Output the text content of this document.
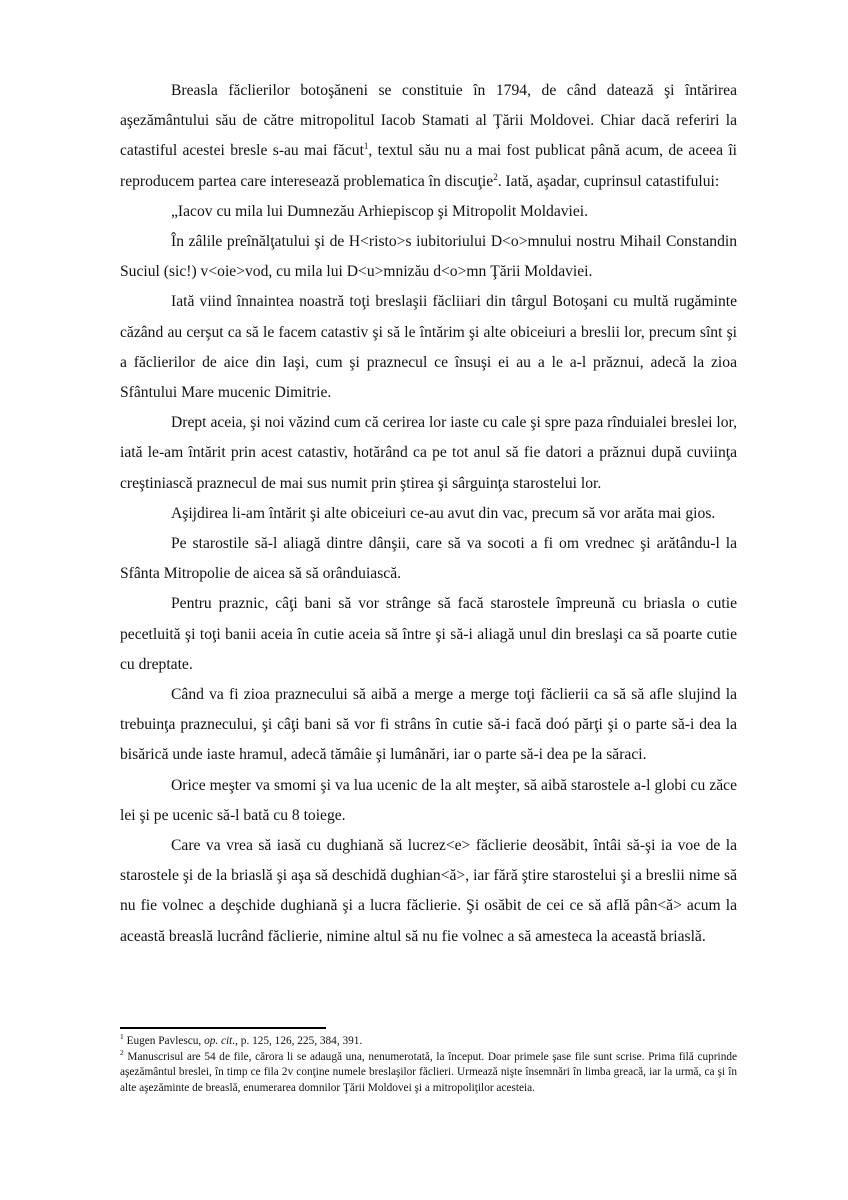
Breasla făclierilor botoşăneni se constituie în 1794, de când datează şi întărirea aşezământului său de către mitropolitul Iacob Stamati al Ţării Moldovei. Chiar dacă referiri la catastiful acestei bresle s-au mai făcut$^1$, textul său nu a mai fost publicat până acum, de aceea îi reproducem partea care interesează problematica în discuţie$^2$. Iată, aşadar, cuprinsul catastifului:

„Iacov cu mila lui Dumnezău Arhiepiscop şi Mitropolit Moldaviei.

În zâlile preînălţatului şi de H<risto>s iubitoriului D<o>mnului nostru Mihail Constandin Suciul (sic!) v<oie>vod, cu mila lui D<u>mnizău d<o>mn Ţării Moldaviei.

Iată viind înnaintea noastră toţi breslaşii făcliiari din târgul Botoşani cu multă rugăminte căzând au cerşut ca să le facem catastiv şi să le întărim şi alte obiceiuri a breslii lor, precum sînt şi a făclierilor de aice din Iaşi, cum şi praznecul ce însuşi ei au a le a-l prăznui, adecă la zioa Sfântului Mare mucenic Dimitrie.

Drept aceia, şi noi văzind cum că cerirea lor iaste cu cale şi spre paza rînduialei breslei lor, iată le-am întărit prin acest catastiv, hotărând ca pe tot anul să fie datori a prăznui după cuviinţa creştiniască praznecul de mai sus numit prin ştirea şi sârguinţa starostelui lor.

Aşijdirea li-am întărit şi alte obiceiuri ce-au avut din vac, precum să vor arăta mai gios.

Pe starostile să-l aliagă dintre dânşii, care să va socoti a fi om vrednec şi arătându-l la Sfânta Mitropolie de aicea să să orânduiască.

Pentru praznic, câţi bani să vor strânge să facă starostele împreună cu briasla o cutie pecetluită şi toţi banii aceia în cutie aceia să între şi să-i aliagă unul din breslaşi ca să poarte cutie cu dreptate.

Când va fi zioa praznecului să aibă a merge a merge toţi făclierii ca să să afle slujind la trebuinţa praznecului, şi câţi bani să vor fi strâns în cutie să-i facă doó părţi şi o parte să-i dea la bisărică unde iaste hramul, adecă tămâie şi lumânări, iar o parte să-i dea pe la săraci.

Orice meşter va smomi şi va lua ucenic de la alt meşter, să aibă starostele a-l globi cu zăce lei şi pe ucenic să-l bată cu 8 toiege.

Care va vrea să iasă cu dughiană să lucrez<e> făclierie deosăbit, întâi să-şi ia voe de la starostele şi de la briaslă şi aşa să deschidă dughian<ă>, iar fără ştire starostelui şi a breslii nime să nu fie volnec a deşchide dughiană şi a lucra făclierie. Şi osăbit de cei ce să află pân<ă> acum la această breaslă lucrând făclierie, nimine altul să nu fie volnec a să amesteca la această briaslă.

$^1$ Eugen Pavlescu, op. cit., p. 125, 126, 225, 384, 391.

$^2$ Manuscrisul are 54 de file, cărora li se adaugă una, nenumerotată, la început. Doar primele şase file sunt scrise. Prima filă cuprinde aşezământul breslei, în timp ce fila 2v conţine numele breslaşilor făclieri. Urmează nişte însemnări în limba greacă, iar la urmă, ca şi în alte aşezăminte de breaslă, enumerarea domnilor Ţării Moldovei şi a mitropoliţilor acesteia.
